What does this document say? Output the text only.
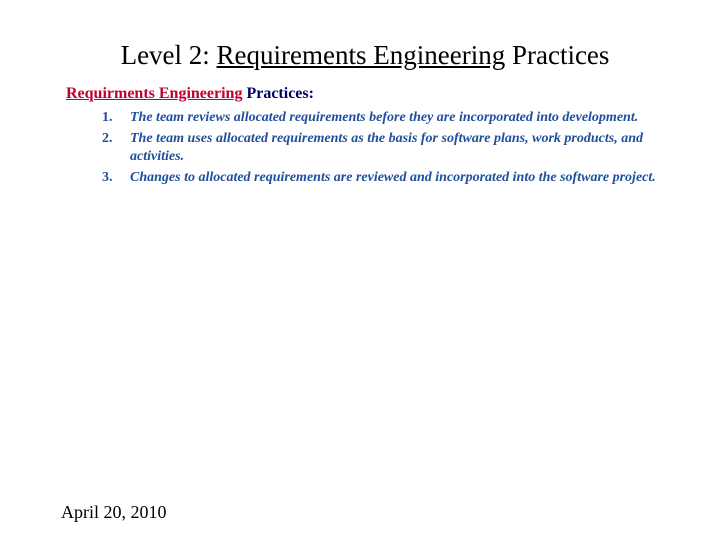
Level 2: Requirements Engineering Practices
Requirments Engineering Practices:
1. The team reviews allocated requirements before they are incorporated into development.
2. The team uses allocated requirements as the basis for software plans, work products, and activities.
3. Changes to allocated requirements are reviewed and incorporated into the software project.
April 20, 2010
